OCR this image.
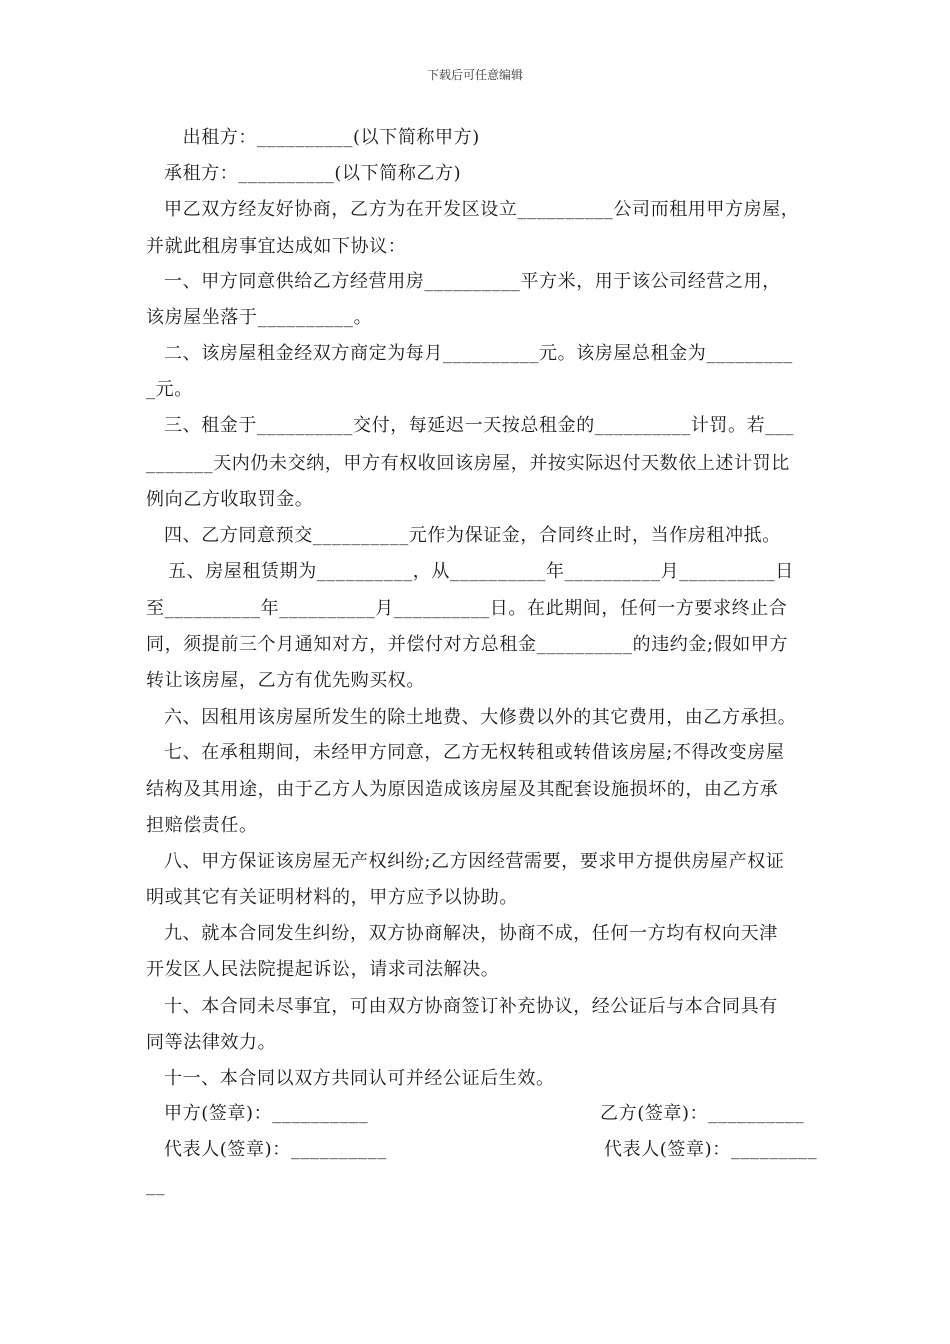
下载后可任意编辑
　出租方：__________(以下简称甲方)
承租方：__________(以下简称乙方)
甲乙双方经友好协商，乙方为在开发区设立__________公司而租用甲方房屋，
并就此租房事宜达成如下协议：
一、甲方同意供给乙方经营用房__________平方米，用于该公司经营之用，
该房屋坐落于__________。
二、该房屋租金经双方商定为每月__________元。该房屋总租金为_________
_元。
三、租金于__________交付，每延迟一天按总租金的__________计罚。若___
_______天内仍未交纳，甲方有权收回该房屋，并按实际迟付天数依上述计罚比
例向乙方收取罚金。
四、乙方同意预交__________元作为保证金，合同终止时，当作房租冲抵。
五、房屋租赁期为__________，从__________年__________月__________日
至__________年__________月__________日。在此期间，任何一方要求终止合
同，须提前三个月通知对方，并偿付对方总租金__________的违约金;假如甲方
转让该房屋，乙方有优先购买权。
六、因租用该房屋所发生的除土地费、大修费以外的其它费用，由乙方承担。
七、在承租期间，未经甲方同意，乙方无权转租或转借该房屋;不得改变房屋
结构及其用途，由于乙方人为原因造成该房屋及其配套设施损坏的，由乙方承
担赔偿责任。
八、甲方保证该房屋无产权纠纷;乙方因经营需要，要求甲方提供房屋产权证
明或其它有关证明材料的，甲方应予以协助。
九、就本合同发生纠纷，双方协商解决，协商不成，任何一方均有权向天津
开发区人民法院提起诉讼，请求司法解决。
十、本合同未尽事宜，可由双方协商签订补充协议，经公证后与本合同具有
同等法律效力。
十一、本合同以双方共同认可并经公证后生效。
甲方(签章)：__________	乙方(签章)：__________
代表人(签章)：__________	代表人(签章)：_________
__
